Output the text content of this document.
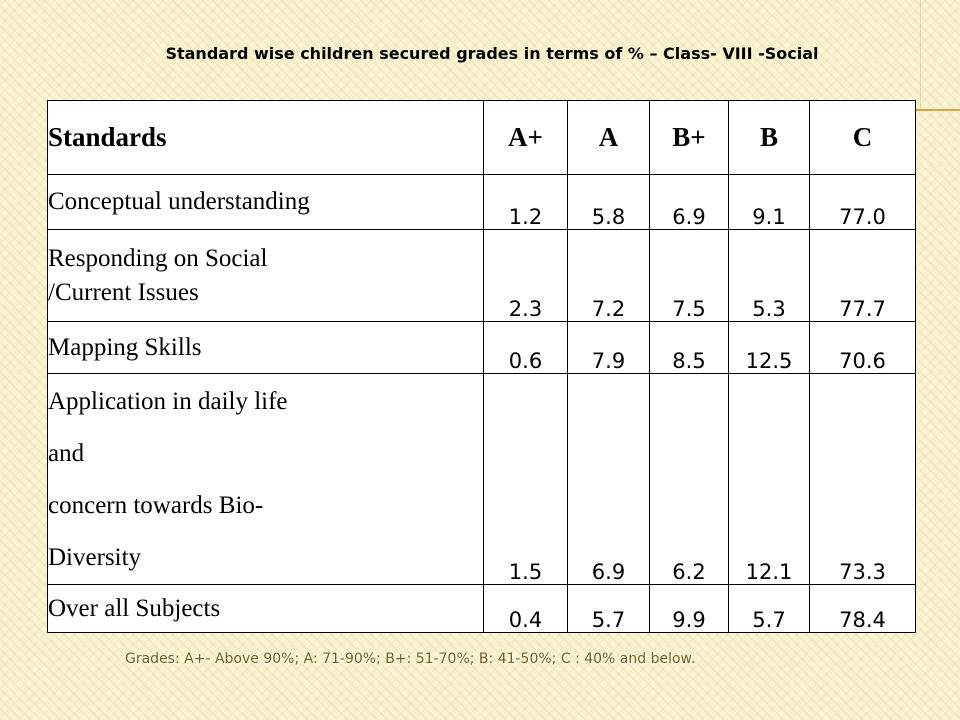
Standard wise children secured grades in terms of % – Class- VIII -Social
Standards	A+	A	B+	B	C
Conceptual understanding	1.2	5.8	6.9	9.1	77.0

Responding on Social
/Current Issues	2.3	7.2	7.5	5.3	77.7
Mapping Skills	0.6	7.9	8.5	12.5	70.6

Application in daily life
and
concern towards Bio-
Diversity	1.5	6.9	6.2	12.1	73.3
Over all Subjects	0.4	5.7	9.9	5.7	78.4
Grades: A+- Above 90%; A: 71-90%; B+: 51-70%; B: 41-50%; C : 40% and below.
